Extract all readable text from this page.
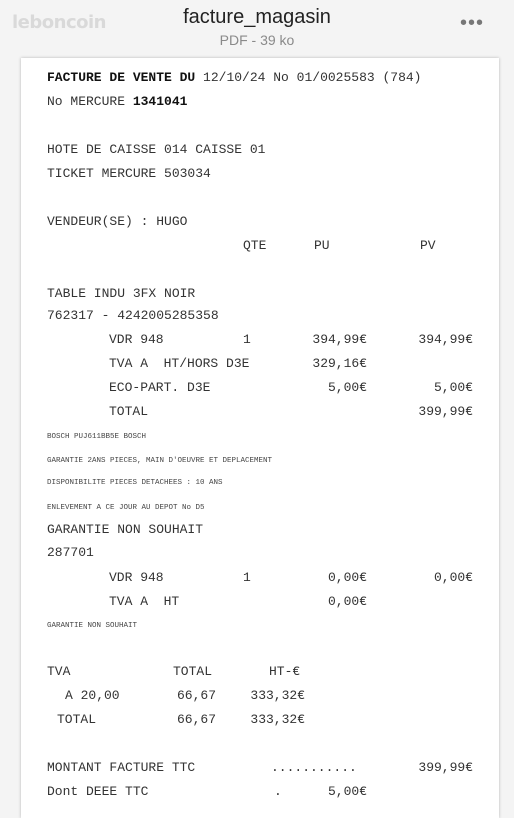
leboncoin	facture_magasin
PDF - 39 ko
•••
FACTURE DE VENTE DU 12/10/24 No 01/0025583 (784)
No MERCURE 1341041
HOTE DE CAISSE 014 CAISSE 01
TICKET MERCURE 503034
VENDEUR(SE) : HUGO
QTE	PU	PV
TABLE INDU 3FX NOIR
762317 - 4242005285358
VDR 948	1	394,99€	394,99€
TVA A  HT/HORS D3E	329,16€
ECO-PART. D3E	5,00€	5,00€
TOTAL	399,99€
BOSCH PUJ611BB5E BOSCH
GARANTIE 2ANS PIECES, MAIN D'OEUVRE ET DEPLACEMENT
DISPONIBILITE PIECES DETACHEES : 10 ANS
ENLEVEMENT A CE JOUR AU DEPOT No D5
GARANTIE NON SOUHAIT
287701
VDR 948	1	0,00€	0,00€
TVA A  HT	0,00€
GARANTIE NON SOUHAIT
TVA	TOTAL	HT-€
A 20,00	66,67	333,32€
TOTAL	66,67	333,32€
MONTANT FACTURE TTC	...........	399,99€
Dont DEEE TTC	.	5,00€
